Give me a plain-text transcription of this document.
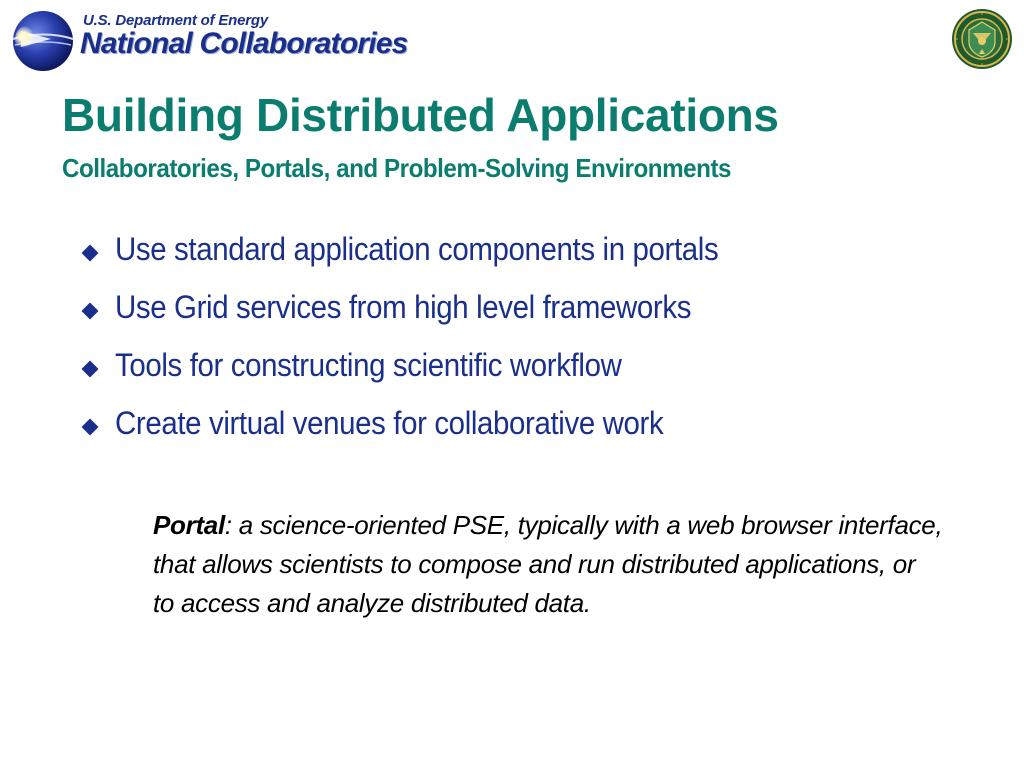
U.S. Department of Energy
National Collaboratories
Building Distributed Applications
Collaboratories, Portals, and Problem-Solving Environments
Use standard application components in portals
Use Grid services from high level frameworks
Tools for constructing scientific workflow
Create virtual venues for collaborative work
Portal: a science-oriented PSE, typically with a web browser interface, that allows scientists to compose and run distributed applications, or to access and analyze distributed data.
